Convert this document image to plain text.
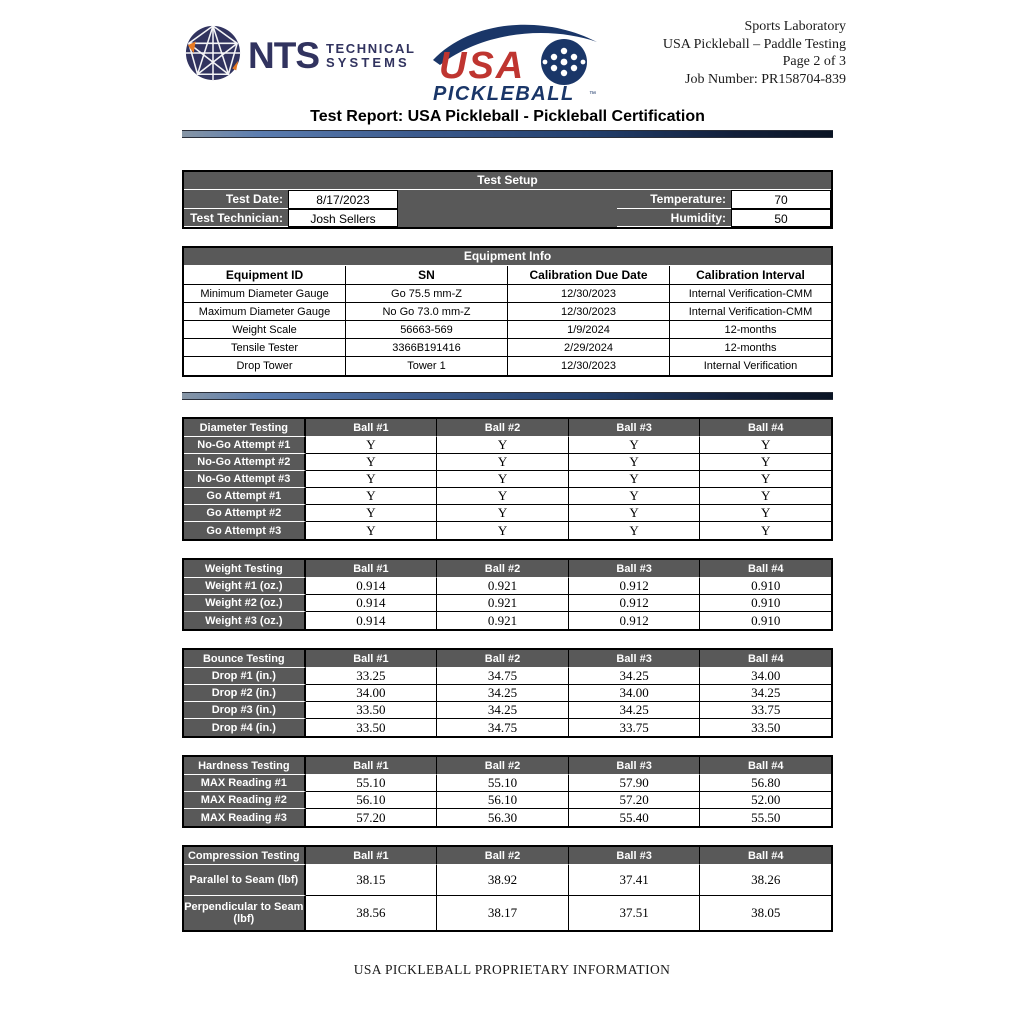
NTS TECHNICAL
SYSTEMS USA
PICKLEBALL ™
Sports Laboratory
USA Pickleball – Paddle Testing
Page 2 of 3
Job Number: PR158704-839
Test Report: USA Pickleball - Pickleball Certification
Test Setup
Test Date:	8/17/2023	Temperature:	70
Test Technician:	Josh Sellers	Humidity:	50
Equipment Info
Equipment ID	SN	Calibration Due Date	Calibration Interval
Minimum Diameter Gauge	Go 75.5 mm-Z	12/30/2023	Internal Verification-CMM
Maximum Diameter Gauge	No Go 73.0 mm-Z	12/30/2023	Internal Verification-CMM
Weight Scale	56663-569	1/9/2024	12-months
Tensile Tester	3366B191416	2/29/2024	12-months
Drop Tower	Tower 1	12/30/2023	Internal Verification
Diameter Testing	Ball #1	Ball #2	Ball #3	Ball #4
No-Go Attempt #1	Y	Y	Y	Y
No-Go Attempt #2	Y	Y	Y	Y
No-Go Attempt #3	Y	Y	Y	Y
Go Attempt #1	Y	Y	Y	Y
Go Attempt #2	Y	Y	Y	Y
Go Attempt #3	Y	Y	Y	Y
Weight Testing	Ball #1	Ball #2	Ball #3	Ball #4
Weight #1 (oz.)	0.914	0.921	0.912	0.910
Weight #2 (oz.)	0.914	0.921	0.912	0.910
Weight #3 (oz.)	0.914	0.921	0.912	0.910
Bounce Testing	Ball #1	Ball #2	Ball #3	Ball #4
Drop #1 (in.)	33.25	34.75	34.25	34.00
Drop #2 (in.)	34.00	34.25	34.00	34.25
Drop #3 (in.)	33.50	34.25	34.25	33.75
Drop #4 (in.)	33.50	34.75	33.75	33.50
Hardness Testing	Ball #1	Ball #2	Ball #3	Ball #4
MAX Reading #1	55.10	55.10	57.90	56.80
MAX Reading #2	56.10	56.10	57.20	52.00
MAX Reading #3	57.20	56.30	55.40	55.50
Compression Testing	Ball #1	Ball #2	Ball #3	Ball #4
Parallel to Seam (lbf)	38.15	38.92	37.41	38.26
Perpendicular to Seam (lbf)	38.56	38.17	37.51	38.05
USA PICKLEBALL PROPRIETARY INFORMATION
